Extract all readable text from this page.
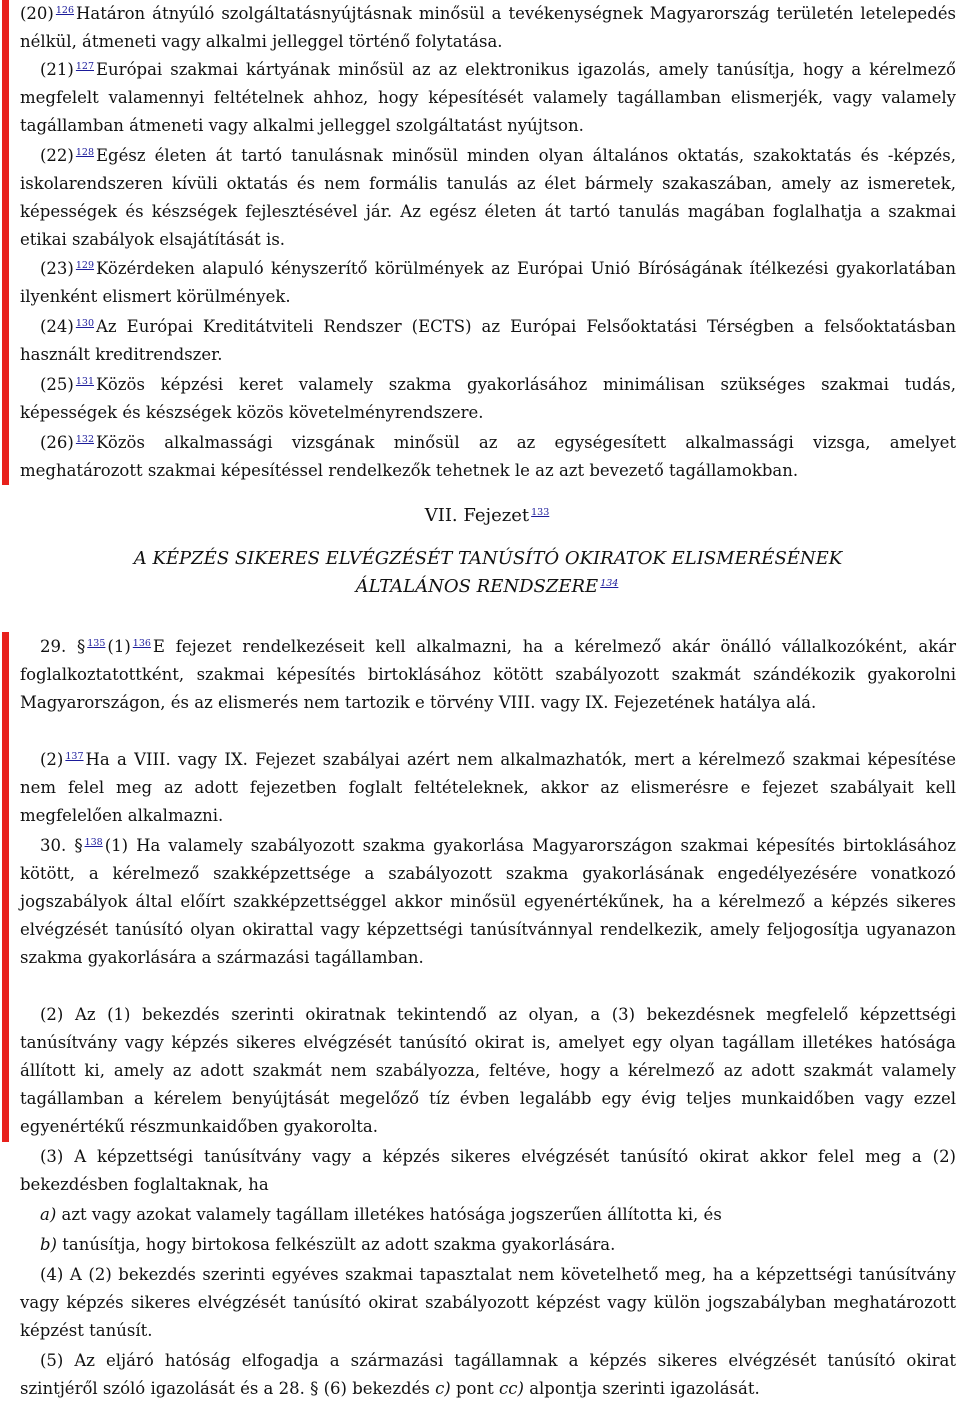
(20) $^{126}$ Határon átnyúló szolgáltatásnyújtásnak minősül a tevékenységnek Magyarország területén letelepedés nélkül, átmeneti vagy alkalmi jelleggel történő folytatása.

(21) $^{127}$ Európai szakmai kártyának minősül az az elektronikus igazolás, amely tanúsítja, hogy a kérelmező megfelelt valamennyi feltételnek ahhoz, hogy képesítését valamely tagállamban elismerjék, vagy valamely tagállamban átmeneti vagy alkalmi jelleggel szolgáltatást nyújtson.

(22) $^{128}$ Egész életen át tartó tanulásnak minősül minden olyan általános oktatás, szakoktatás és -képzés, iskolarendszeren kívüli oktatás és nem formális tanulás az élet bármely szakaszában, amely az ismeretek, képességek és készségek fejlesztésével jár. Az egész életen át tartó tanulás magában foglalhatja a szakmai etikai szabályok elsajátítását is.

(23) $^{129}$ Közérdeken alapuló kényszerítő körülmények az Európai Unió Bíróságának ítélkezési gyakorlatában ilyenként elismert körülmények.

(24) $^{130}$ Az Európai Kreditátviteli Rendszer (ECTS) az Európai Felsőoktatási Térségben a felsőoktatásban használt kreditrendszer.

(25) $^{131}$ Közös képzési keret valamely szakma gyakorlásához minimálisan szükséges szakmai tudás, képességek és készségek közös követelményrendszere.

(26) $^{132}$ Közös alkalmassági vizsgának minősül az az egységesített alkalmassági vizsga, amelyet meghatározott szakmai képesítéssel rendelkezők tehetnek le az azt bevezető tagállamokban.

VII. Fejezet $^{133}$

A KÉPZÉS SIKERES ELVÉGZÉSÉT TANÚSÍTÓ OKIRATOK ELISMERÉSÉNEK ÁLTALÁNOS RENDSZERE $^{134}$

29. § $^{135}$ (1) $^{136}$ E fejezet rendelkezéseit kell alkalmazni, ha a kérelmező akár önálló vállalkozóként, akár foglalkoztatottként, szakmai képesítés birtoklásához kötött szabályozott szakmát szándékozik gyakorolni Magyarországon, és az elismerés nem tartozik e törvény VIII. vagy IX. Fejezetének hatálya alá.

(2) $^{137}$ Ha a VIII. vagy IX. Fejezet szabályai azért nem alkalmazhatók, mert a kérelmező szakmai képesítése nem felel meg az adott fejezetben foglalt feltételeknek, akkor az elismerésre e fejezet szabályait kell megfelelően alkalmazni.

30. § $^{138}$ (1) Ha valamely szabályozott szakma gyakorlása Magyarországon szakmai képesítés birtoklásához kötött, a kérelmező szakképzettsége a szabályozott szakma gyakorlásának engedélyezésére vonatkozó jogszabályok által előírt szakképzettséggel akkor minősül egyenértékűnek, ha a kérelmező a képzés sikeres elvégzését tanúsító olyan okirattal vagy képzettségi tanúsítvánnyal rendelkezik, amely feljogosítja ugyanazon szakma gyakorlására a származási tagállamban.

(2) Az (1) bekezdés szerinti okiratnak tekintendő az olyan, a (3) bekezdésnek megfelelő képzettségi tanúsítvány vagy képzés sikeres elvégzését tanúsító okirat is, amelyet egy olyan tagállam illetékes hatósága állított ki, amely az adott szakmát nem szabályozza, feltéve, hogy a kérelmező az adott szakmát valamely tagállamban a kérelem benyújtását megelőző tíz évben legalább egy évig teljes munkaidőben vagy ezzel egyenértékű részmunkaidőben gyakorolta.

(3) A képzettségi tanúsítvány vagy a képzés sikeres elvégzését tanúsító okirat akkor felel meg a (2) bekezdésben foglaltaknak, ha

a) azt vagy azokat valamely tagállam illetékes hatósága jogszerűen állította ki, és

b) tanúsítja, hogy birtokosa felkészült az adott szakma gyakorlására.

(4) A (2) bekezdés szerinti egyéves szakmai tapasztalat nem követelhető meg, ha a képzettségi tanúsítvány vagy képzés sikeres elvégzését tanúsító okirat szabályozott képzést vagy külön jogszabályban meghatározott képzést tanúsít.

(5) Az eljáró hatóság elfogadja a származási tagállamnak a képzés sikeres elvégzését tanúsító okirat szintjéről szóló igazolását és a 28. § (6) bekezdés c) pont cc) alpontja szerinti igazolását.
